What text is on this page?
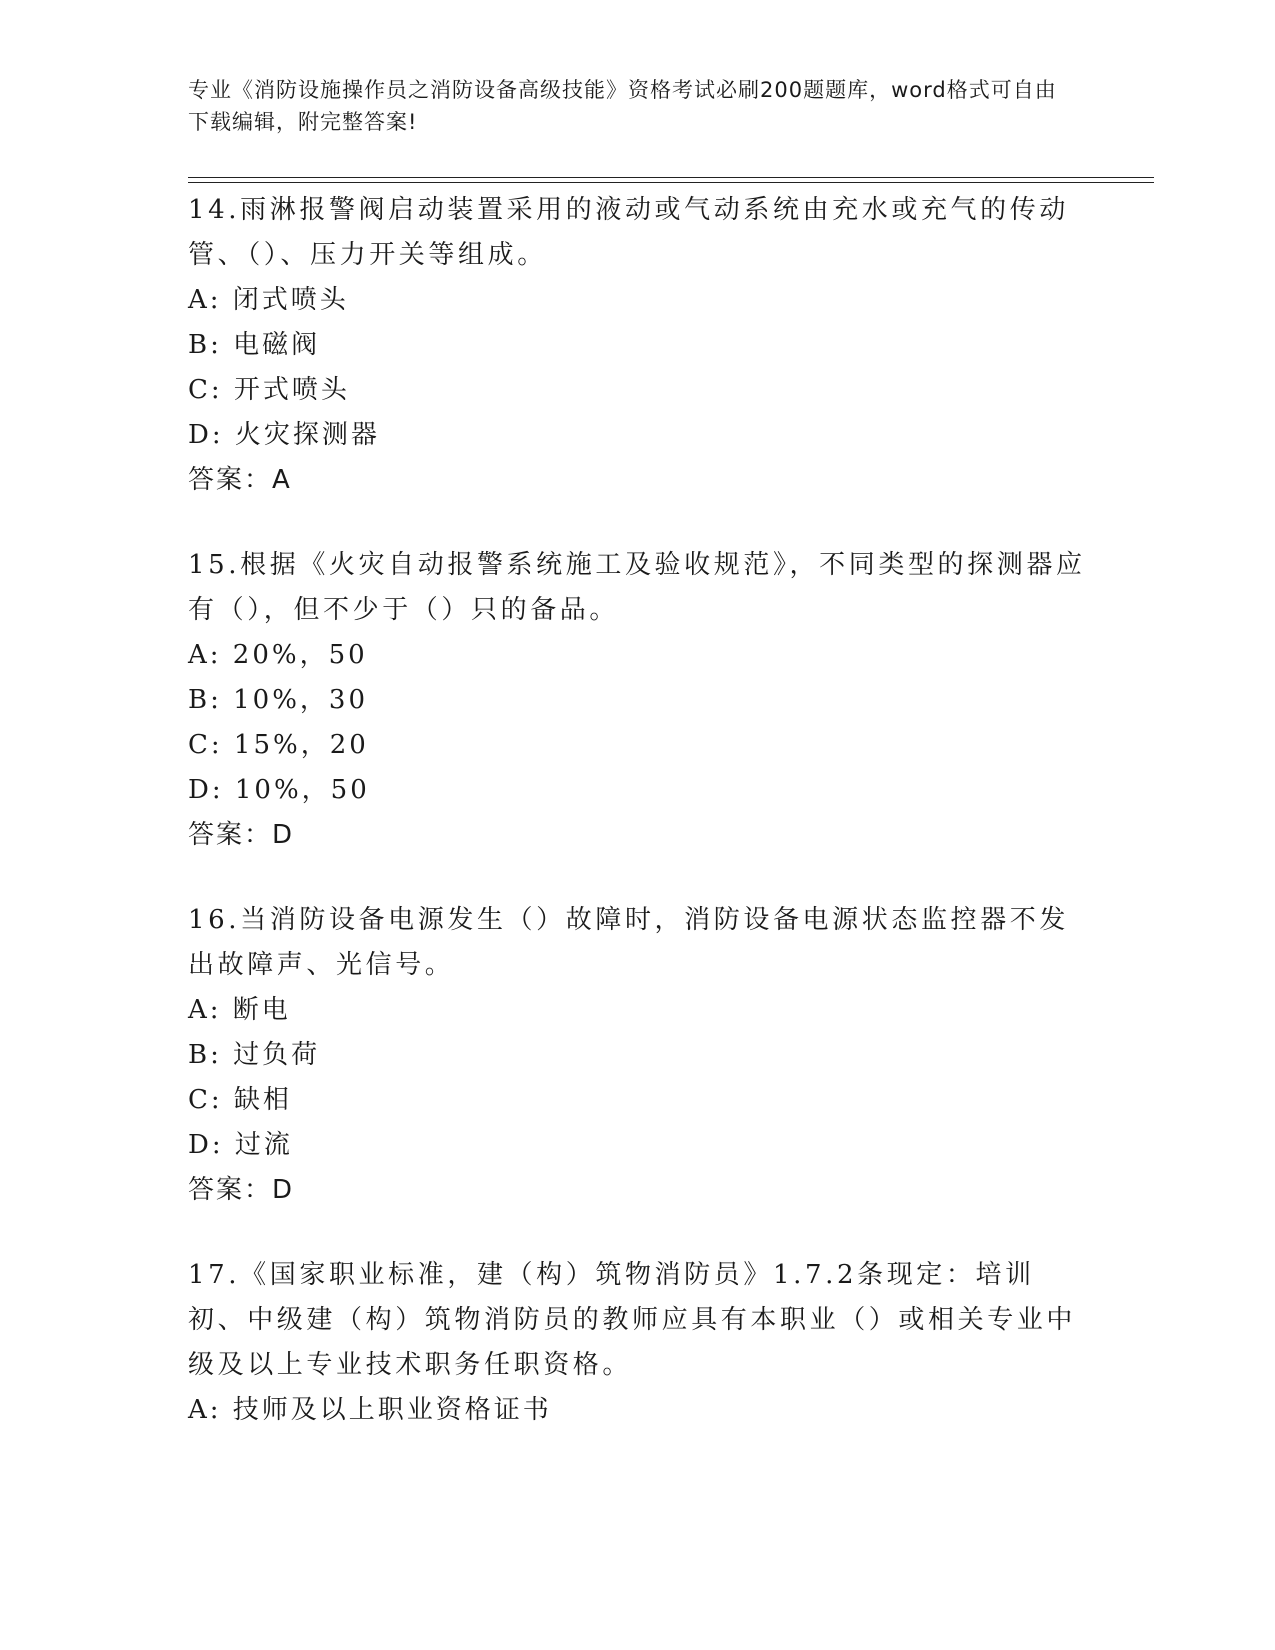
专业《消防设施操作员之消防设备高级技能》资格考试必刷200题题库，word格式可自由下载编辑，附完整答案!

14.雨淋报警阀启动装置采用的液动或气动系统由充水或充气的传动管、（）、压力开关等组成。

A: 闭式喷头

B: 电磁阀

C: 开式喷头

D: 火灾探测器

答案：A

15.根据《火灾自动报警系统施工及验收规范》，不同类型的探测器应有（），但不少于（）只的备品。

A: 20%，50

B: 10%，30

C: 15%，20

D: 10%，50

答案：D

16.当消防设备电源发生（）故障时，消防设备电源状态监控器不发出故障声、光信号。

A: 断电

B: 过负荷

C: 缺相

D: 过流

答案：D

17.《国家职业标准，建（构）筑物消防员》1.7.2条现定：培训初、中级建（构）筑物消防员的教师应具有本职业（）或相关专业中级及以上专业技术职务任职资格。

A: 技师及以上职业资格证书
